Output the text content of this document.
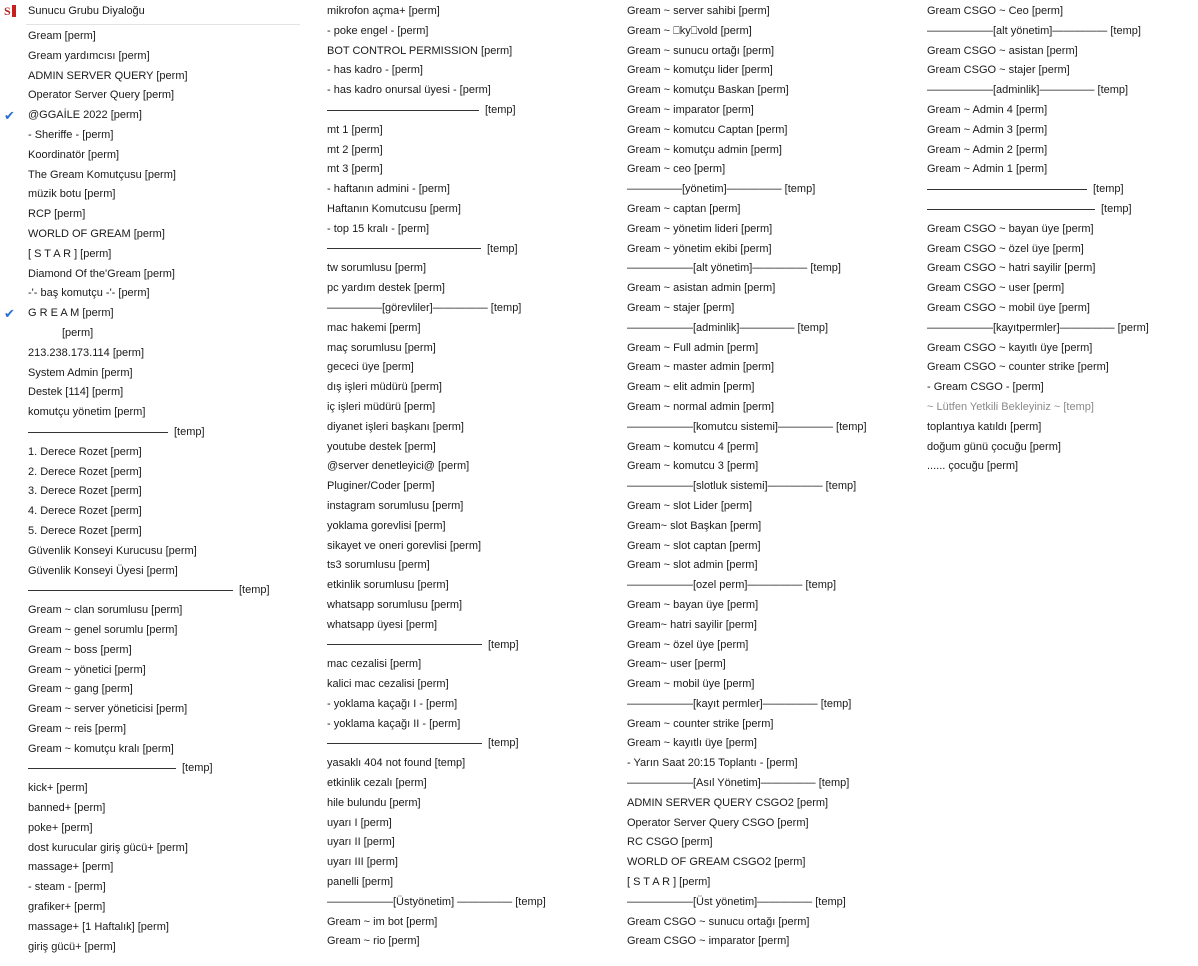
S	Sunucu Grubu Diyaloğu
Gream [perm]
Gream yardımcısı [perm]
ADMIN SERVER QUERY [perm]
Operator Server Query [perm]
✔ @GGAİLE 2022 [perm]
- Sheriffe - [perm]
Koordinatör [perm]
The Gream Komutçusu [perm]
müzik botu [perm]
RCP [perm]
WORLD OF GREAM [perm]
[ S T A R ] [perm]
Diamond Of the'Gream [perm]
-'- baş komutçu -'- [perm]
✔ G R E A M [perm]
[perm]
213.238.173.114 [perm]
System Admin [perm]
Destek [114] [perm]
komutçu yönetim [perm]
[temp]
1. Derece Rozet [perm]
2. Derece Rozet [perm]
3. Derece Rozet [perm]
4. Derece Rozet [perm]
5. Derece Rozet [perm]
Güvenlik Konseyi Kurucusu [perm]
Güvenlik Konseyi Üyesi [perm]
[temp]
Gream ~ clan sorumlusu [perm]
Gream ~ genel sorumlu [perm]
Gream ~ boss [perm]
Gream ~ yönetici [perm]
Gream ~ gang [perm]
Gream ~ server yöneticisi [perm]
Gream ~ reis [perm]
Gream ~ komutçu kralı [perm]
[temp]
kick+ [perm]
banned+ [perm]
poke+ [perm]
dost kurucular giriş gücü+ [perm]
massage+ [perm]
- steam - [perm]
grafiker+ [perm]
massage+ [1 Haftalık] [perm]
giriş gücü+ [perm]
mikrofon açma+ [perm]
- poke engel - [perm]
BOT CONTROL PERMISSION [perm]
- has kadro - [perm]
- has kadro onursal üyesi - [perm]
[temp]
mt 1 [perm]
mt 2 [perm]
mt 3 [perm]
- haftanın admini - [perm]
Haftanın Komutcusu [perm]
- top 15 kralı - [perm]
[temp]
tw sorumlusu [perm]
pc yardım destek [perm]
—————[görevliler]————— [temp]
mac hakemi [perm]
maç sorumlusu [perm]
gececi üye [perm]
dış işleri müdürü [perm]
iç işleri müdürü [perm]
diyanet işleri başkanı [perm]
youtube destek [perm]
@server denetleyici@ [perm]
Pluginer/Coder [perm]
instagram sorumlusu [perm]
yoklama gorevlisi [perm]
sikayet ve oneri gorevlisi [perm]
ts3 sorumlusu [perm]
etkinlik sorumlusu [perm]
whatsapp sorumlusu [perm]
whatsapp üyesi [perm]
[temp]
mac cezalisi [perm]
kalici mac cezalisi [perm]
- yoklama kaçağı I - [perm]
- yoklama kaçağı II - [perm]
[temp]
yasaklı 404 not found [temp]
etkinlik cezalı [perm]
hile bulundu [perm]
uyarı I [perm]
uyarı II [perm]
uyarı III [perm]
panelli [perm]
——————[Üstyönetim] ————— [temp]
Gream ~ im bot [perm]
Gream ~ rio [perm]
Gream ~ server sahibi [perm]
Gream ~ ⎕ky⎕vold [perm]
Gream ~ sunucu ortağı [perm]
Gream ~ komutçu lider [perm]
Gream ~ komutçu Baskan [perm]
Gream ~ imparator [perm]
Gream ~ komutcu Captan [perm]
Gream ~ komutçu admin [perm]
Gream ~ ceo [perm]
—————[yönetim]————— [temp]
Gream ~ captan [perm]
Gream ~ yönetim lideri [perm]
Gream ~ yönetim ekibi [perm]
——————[alt yönetim]————— [temp]
Gream ~ asistan admin [perm]
Gream ~ stajer [perm]
——————[adminlik]————— [temp]
Gream ~ Full admin [perm]
Gream ~ master admin [perm]
Gream ~ elit admin [perm]
Gream ~ normal admin [perm]
——————[komutcu sistemi]————— [temp]
Gream ~ komutcu 4 [perm]
Gream ~ komutcu 3 [perm]
——————[slotluk sistemi]————— [temp]
Gream ~ slot Lider [perm]
Gream~ slot Başkan [perm]
Gream ~ slot captan [perm]
Gream ~ slot admin [perm]
——————[ozel perm]————— [temp]
Gream ~ bayan üye [perm]
Gream~ hatri sayilir [perm]
Gream ~ özel üye [perm]
Gream~ user [perm]
Gream ~ mobil üye [perm]
——————[kayıt permler]————— [temp]
Gream ~ counter strike [perm]
Gream ~ kayıtlı üye [perm]
- Yarın Saat 20:15 Toplantı - [perm]
——————[Asıl Yönetim]————— [temp]
ADMIN SERVER QUERY CSGO2 [perm]
Operator Server Query CSGO [perm]
RC CSGO [perm]
WORLD OF GREAM CSGO2 [perm]
[ S T A R ] [perm]
——————[Üst yönetim]————— [temp]
Gream CSGO ~ sunucu ortağı [perm]
Gream CSGO ~ imparator [perm]
Gream CSGO ~ Ceo [perm]
——————[alt yönetim]————— [temp]
Gream CSGO ~ asistan [perm]
Gream CSGO ~ stajer [perm]
——————[adminlik]————— [temp]
Gream ~ Admin 4 [perm]
Gream ~ Admin 3 [perm]
Gream ~ Admin 2 [perm]
Gream ~ Admin 1 [perm]
[temp]
[temp]
Gream CSGO ~ bayan üye [perm]
Gream CSGO ~ özel üye [perm]
Gream CSGO ~ hatri sayilir [perm]
Gream CSGO ~ user [perm]
Gream CSGO ~ mobil üye [perm]
——————[kayıtpermler]————— [perm]
Gream CSGO ~ kayıtlı üye [perm]
Gream CSGO ~ counter strike [perm]
- Gream CSGO - [perm]
~ Lütfen Yetkili Bekleyiniz ~ [temp]
toplantıya katıldı [perm]
doğum günü çocuğu [perm]
...... çocuğu [perm]
